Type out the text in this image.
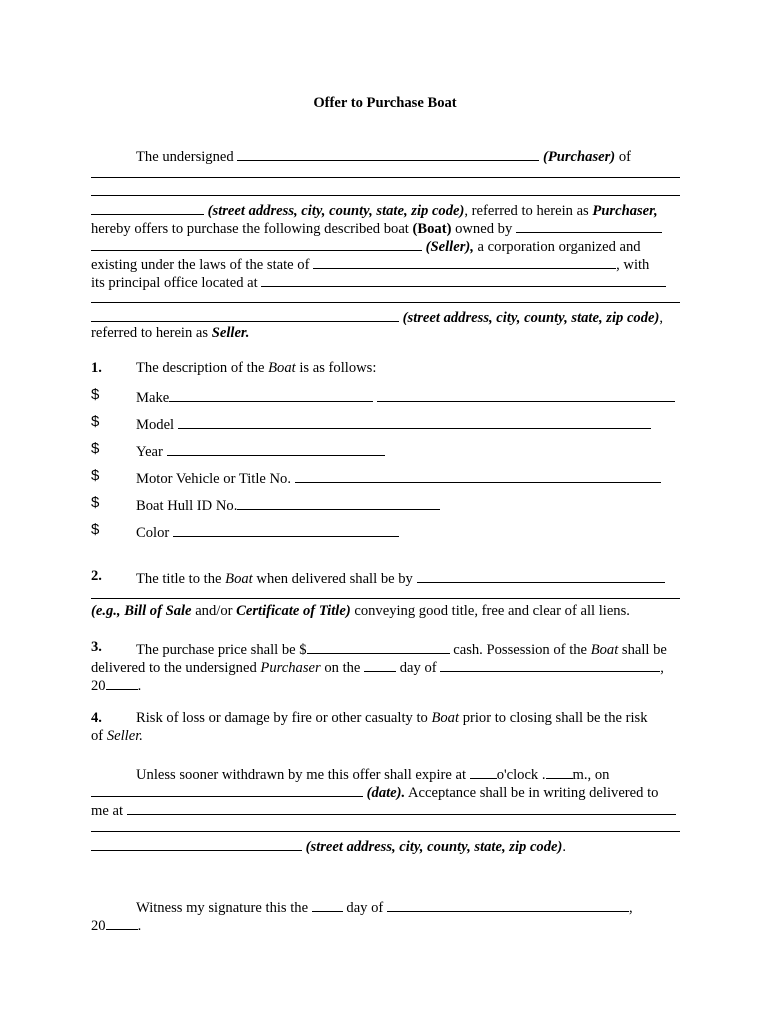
Offer to Purchase Boat
The undersigned	(Purchaser) of
(street address, city, county, state, zip code), referred to herein as Purchaser,
hereby offers to purchase the following described boat (Boat) owned by
(Seller), a corporation organized and
existing under the laws of the state of	, with
its principal office located at
(street address, city, county, state, zip code),
referred to herein as Seller.
1. The description of the Boat is as follows:
$	Make
$	Model
$	Year
$	Motor Vehicle or Title No.
$	Boat Hull ID No.
$	Color
2. The title to the Boat when delivered shall be by
(e.g., Bill of Sale and/or Certificate of Title) conveying good title, free and clear of all liens.
3. The purchase price shall be $	cash. Possession of the Boat shall be
delivered to the undersigned Purchaser on the	day of	,
20 .
4. Risk of loss or damage by fire or other casualty to Boat prior to closing shall be the risk
of Seller.
Unless sooner withdrawn by me this offer shall expire at o'clock . m., on
(date). Acceptance shall be in writing delivered to
me at
(street address, city, county, state, zip code).
Witness my signature this the	day of	,
20 .
